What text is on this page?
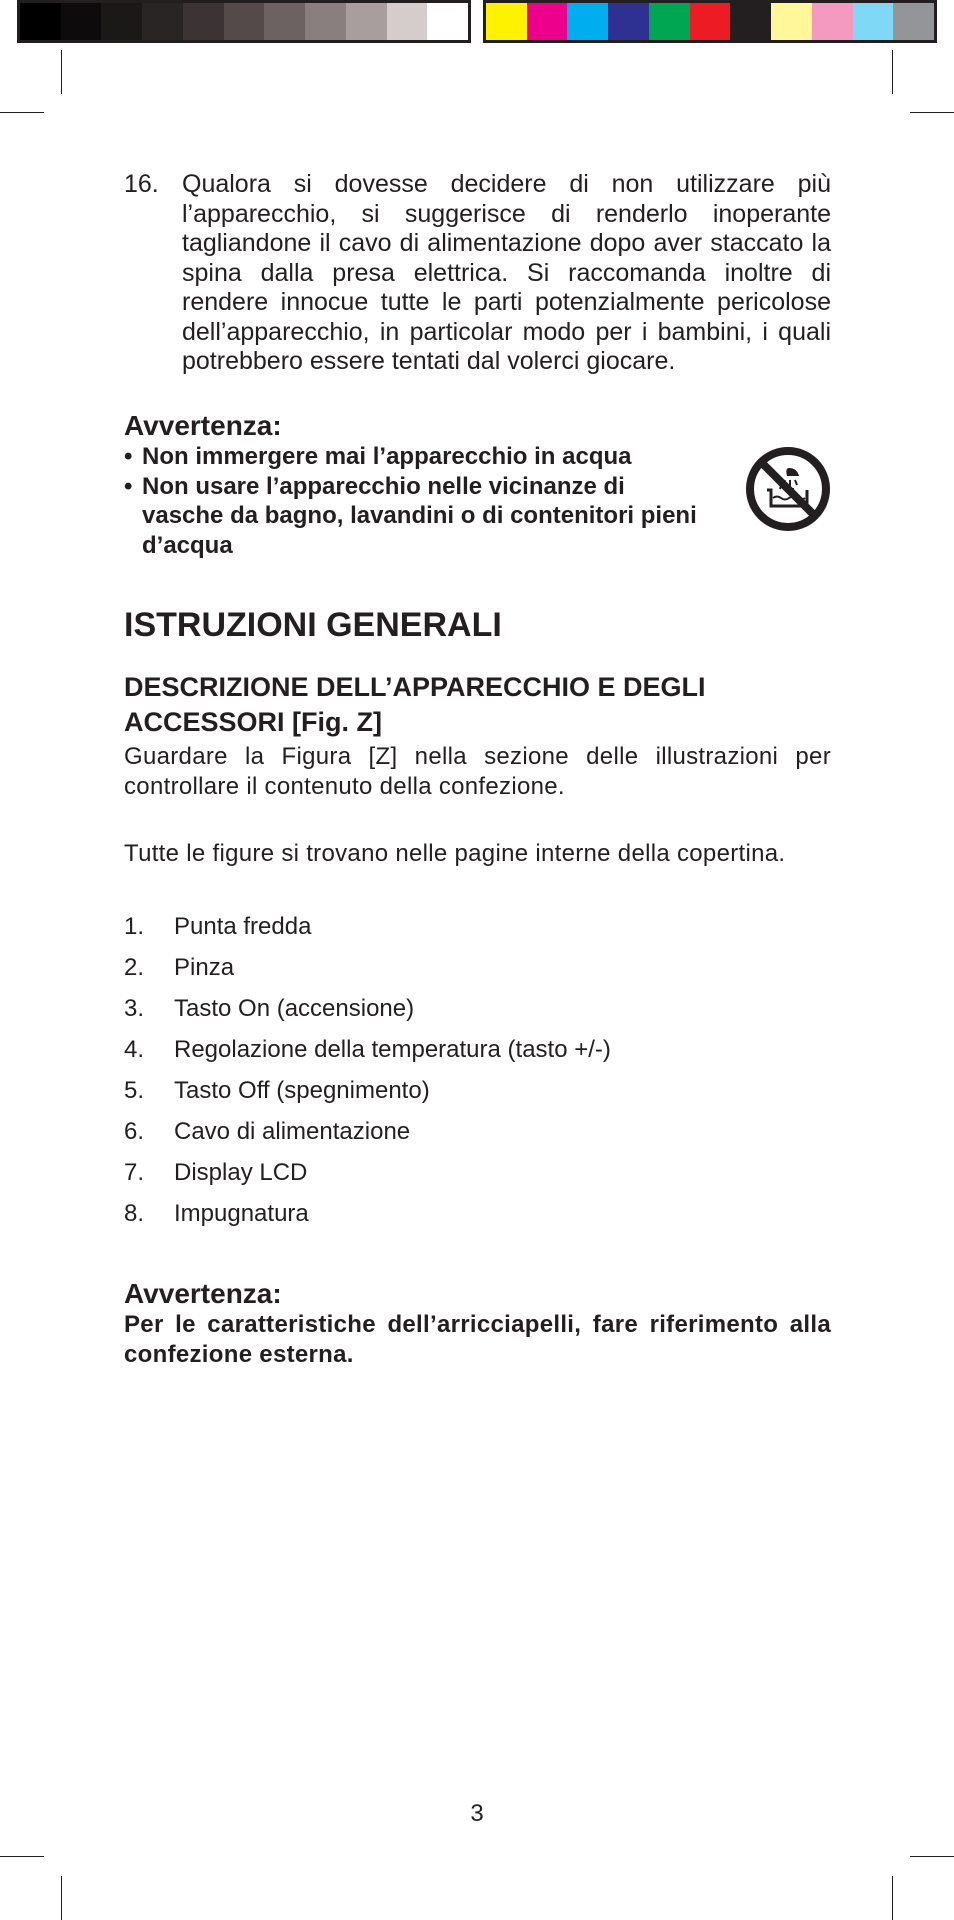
16. Qualora si dovesse decidere di non utilizzare più l’apparecchio, si suggerisce di renderlo inoperante tagliandone il cavo di alimentazione dopo aver staccato la spina dalla presa elettrica. Si raccomanda inoltre di rendere innocue tutte le parti potenzialmente pericolose dell’apparecchio, in particolar modo per i bambini, i quali potrebbero essere tentati dal volerci giocare.
Avvertenza:
• Non immergere mai l’apparecchio in acqua
• Non usare l’apparecchio nelle vicinanze di vasche da bagno, lavandini o di contenitori pieni d’acqua
ISTRUZIONI GENERALI
DESCRIZIONE DELL’APPARECCHIO E DEGLI ACCESSORI [Fig. Z]
Guardare la Figura [Z] nella sezione delle illustrazioni per controllare il contenuto della confezione.
Tutte le figure si trovano nelle pagine interne della copertina.
1. Punta fredda
2. Pinza
3. Tasto On (accensione)
4. Regolazione della temperatura (tasto +/-)
5. Tasto Off (spegnimento)
6. Cavo di alimentazione
7. Display LCD
8. Impugnatura
Avvertenza:
Per le caratteristiche dell’arricciapelli, fare riferimento alla confezione esterna.
3
